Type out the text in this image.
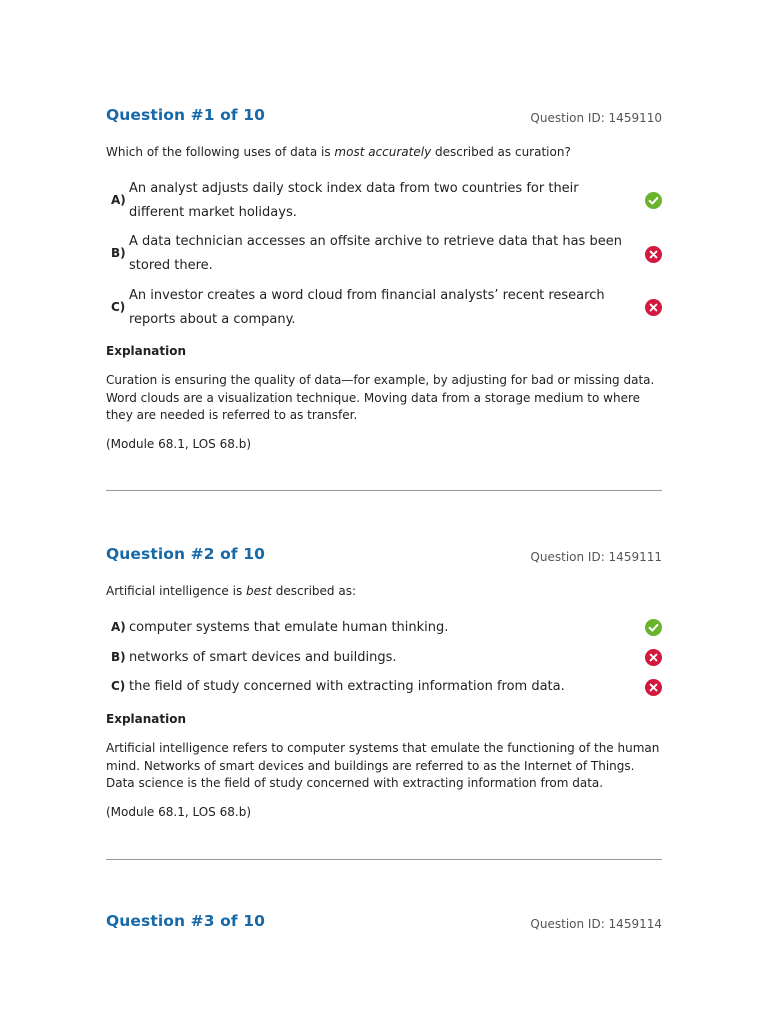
Question #1 of 10	Question ID: 1459110
Which of the following uses of data is most accurately described as curation?
A)
An analyst adjusts daily stock index data from two countries for their different market holidays.
B)
A data technician accesses an offsite archive to retrieve data that has been stored there.
C)
An investor creates a word cloud from financial analysts’ recent research reports about a company.
Explanation
Curation is ensuring the quality of data—for example, by adjusting for bad or missing data. Word clouds are a visualization technique. Moving data from a storage medium to where they are needed is referred to as transfer.
(Module 68.1, LOS 68.b)
Question #2 of 10	Question ID: 1459111
Artificial intelligence is best described as:
A) computer systems that emulate human thinking.
B) networks of smart devices and buildings.
C) the field of study concerned with extracting information from data.
Explanation
Artificial intelligence refers to computer systems that emulate the functioning of the human mind. Networks of smart devices and buildings are referred to as the Internet of Things. Data science is the field of study concerned with extracting information from data.
(Module 68.1, LOS 68.b)
Question #3 of 10	Question ID: 1459114
